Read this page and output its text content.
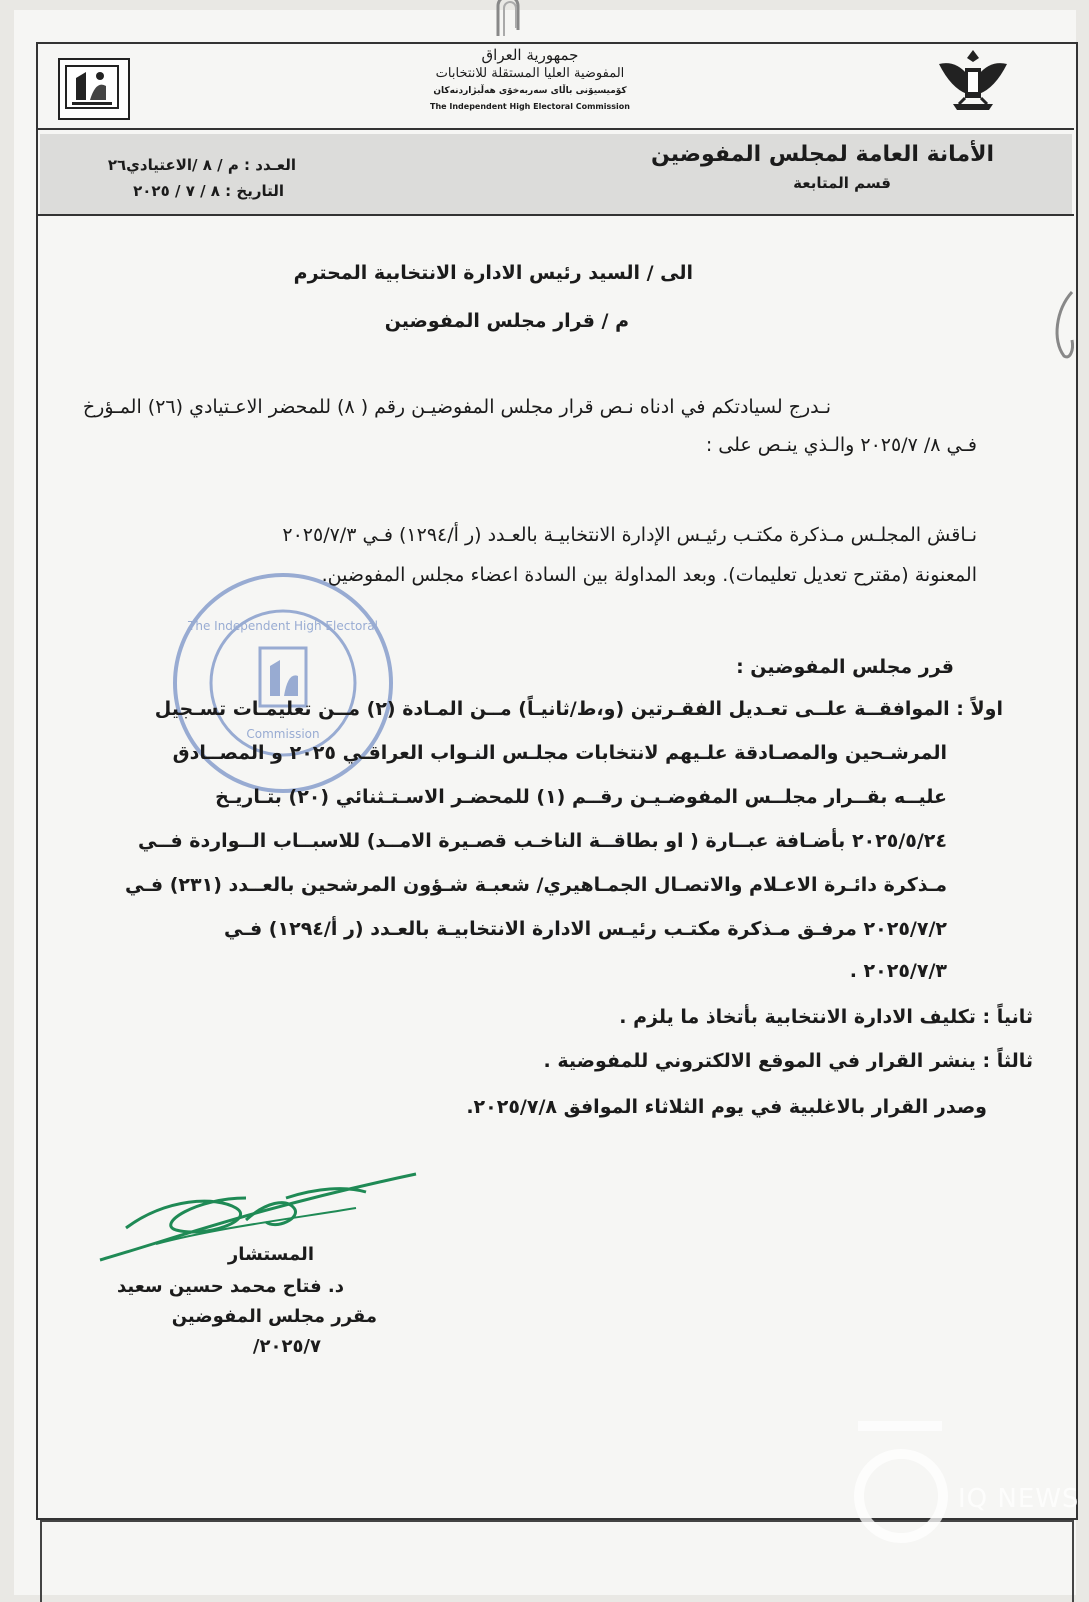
جمهورية العراق
المفوضية العليا المستقلة للانتخابات
كۆمیسیۆنی باڵای سەربەخۆی هەڵبژاردنەکان
The Independent High Electoral Commission
الأمانة العامة لمجلس المفوضين
قسم المتابعة
العـدد : م / ٨ /الاعتيادي٢٦
التاريخ : ٨ / ٧ / ٢٠٢٥
الى / السيد رئيس الادارة الانتخابية المحترم
م / قرار مجلس المفوضين
نـدرج لسيادتكم في ادناه نـص قرار مجلس المفوضيـن رقم ( ٨) للمحضر الاعـتيادي (٢٦) المـؤرخ
فـي ٨/ ٢٠٢٥/٧ والـذي ينـص على :
The Independent High Electoral
Commission
نـاقش المجلـس مـذكرة مكتـب رئيـس الإدارة الانتخابيـة بالعـدد (ر أ/١٢٩٤) فـي ٢٠٢٥/٧/٣
المعنونة (مقترح تعديل تعليمات). وبعد المداولة بين السادة اعضاء مجلس المفوضين.
قرر مجلس المفوضين :
اولاً : الموافقــة علــى تعـديل الفقـرتين (و،ط/ثانيـاً) مــن المـادة (٢) مــن تعليمـات تسـجيل
المرشـحين والمصـادقة علـيهم لانتخابات مجلـس النـواب العراقـي ٢٠٢٥ و المصــادق
عليــه بقــرار مجلــس المفوضـيـن رقــم (١) للمحضـر الاسـتـثنائي (٢٠) بتـاريـخ
٢٠٢٥/٥/٢٤ بأضـافة عبــارة ( او بطاقــة الناخـب قصـيرة الامــد) للاسبــاب الــواردة فــي
مـذكرة دائـرة الاعـلام والاتصـال الجمـاهيري/ شعبـة شـؤون المرشحين بالعــدد (٢٣١) فـي
٢٠٢٥/٧/٢ مرفـق مـذكرة مكتـب رئيـس الادارة الانتخابيـة بالعـدد (ر أ/١٢٩٤) فـي
٢٠٢٥/٧/٣ .
ثانياً : تكليف الادارة الانتخابية بأتخاذ ما يلزم .
ثالثاً : ينشر القرار في الموقع الالكتروني للمفوضية .
وصدر القرار بالاغلبية في يوم الثلاثاء الموافق ٢٠٢٥/٧/٨.
المستشار
د. فتاح محمد حسين سعيد
مقرر مجلس المفوضين
٢٠٢٥/٧/
IQ NEWS
